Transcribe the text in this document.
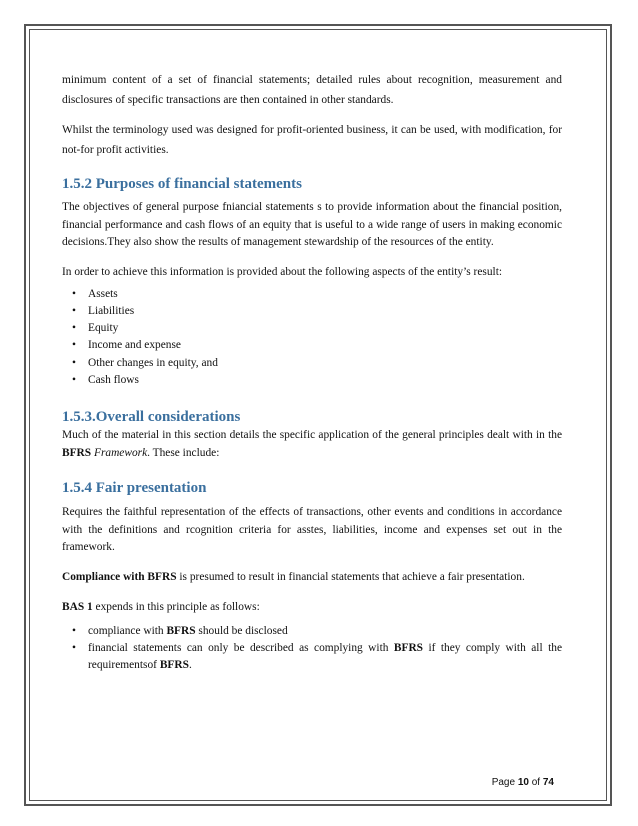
minimum content of a set of financial statements; detailed rules about recognition, measurement and disclosures of specific transactions are then contained in other standards.

Whilst the terminology used was designed for profit-oriented business, it can be used, with modification, for not-for profit activities.

1.5.2 Purposes of financial statements

The objectives of general purpose fniancial statements s to provide information about the financial position, financial performance and cash flows of an equity that is useful to a wide range of users in making economic decisions.They also show the results of management stewardship of the resources of the entity.

In order to achieve this information is provided about the following aspects of the entity’s result:

• Assets
• Liabilities
• Equity
• Income and expense
• Other changes in equity, and
• Cash flows
1.5.3.Overall considerations

Much of the material in this section details the specific application of the general principles dealt with in the BFRS Framework. These include:

1.5.4 Fair presentation

Requires the faithful representation of the effects of transactions, other events and conditions in accordance with the definitions and rcognition criteria for asstes, liabilities, income and expenses set out in the framework.

Compliance with BFRS is presumed to result in financial statements that achieve a fair presentation.

BAS 1 expends in this principle as follows:

• compliance with BFRS should be disclosed
• financial statements can only be described as complying with BFRS if they comply with all the requirementsof BFRS.
Page 10 of 74
